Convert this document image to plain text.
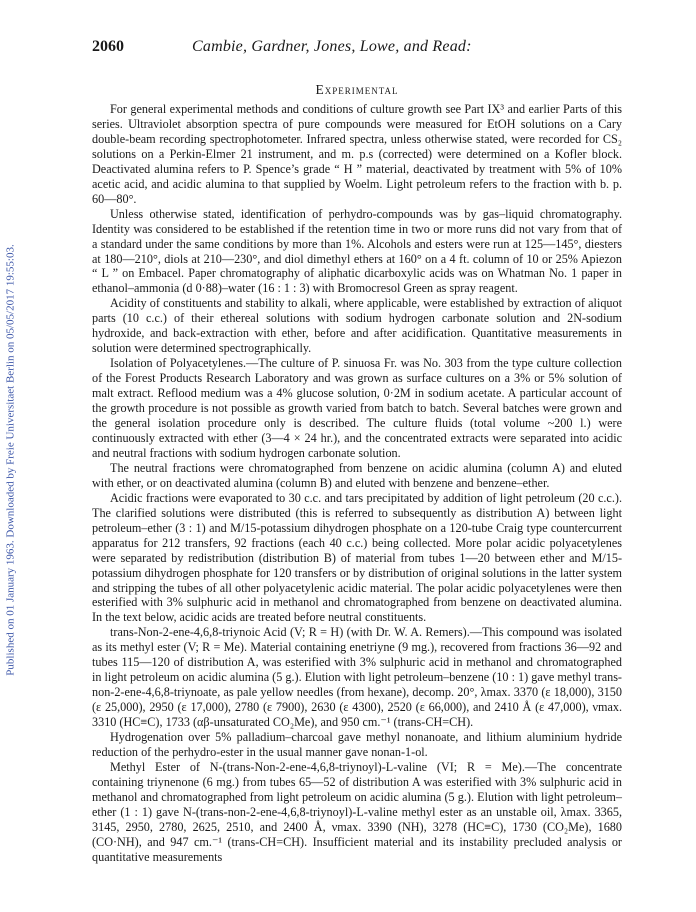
Published on 01 January 1963. Downloaded by Freie Universitaet Berlin on 05/05/2017 19:55:03.
2060	Cambie, Gardner, Jones, Lowe, and Read:
Experimental

For general experimental methods and conditions of culture growth see Part IX³ and earlier Parts of this series. Ultraviolet absorption spectra of pure compounds were measured for EtOH solutions on a Cary double-beam recording spectrophotometer. Infrared spectra, unless otherwise stated, were recorded for CS₂ solutions on a Perkin-Elmer 21 instrument, and m. p.s (corrected) were determined on a Kofler block. Deactivated alumina refers to P. Spence’s grade “ H ” material, deactivated by treatment with 5% of 10% acetic acid, and acidic alumina to that supplied by Woelm. Light petroleum refers to the fraction with b. p. 60—80°.

Unless otherwise stated, identification of perhydro-compounds was by gas–liquid chromatography. Identity was considered to be established if the retention time in two or more runs did not vary from that of a standard under the same conditions by more than 1%. Alcohols and esters were run at 125—145°, diesters at 180—210°, diols at 210—230°, and diol dimethyl ethers at 160° on a 4 ft. column of 10 or 25% Apiezon “ L ” on Embacel. Paper chromatography of aliphatic dicarboxylic acids was on Whatman No. 1 paper in ethanol–ammonia (d 0·88)–water (16 : 1 : 3) with Bromocresol Green as spray reagent.

Acidity of constituents and stability to alkali, where applicable, were established by extraction of aliquot parts (10 c.c.) of their ethereal solutions with sodium hydrogen carbonate solution and 2N-sodium hydroxide, and back-extraction with ether, before and after acidification. Quantitative measurements in solution were determined spectrographically.

Isolation of Polyacetylenes.—The culture of P. sinuosa Fr. was No. 303 from the type culture collection of the Forest Products Research Laboratory and was grown as surface cultures on a 3% or 5% solution of malt extract. Reflood medium was a 4% glucose solution, 0·2M in sodium acetate. A particular account of the growth procedure is not possible as growth varied from batch to batch. Several batches were grown and the general isolation procedure only is described. The culture fluids (total volume ~200 l.) were continuously extracted with ether (3—4 × 24 hr.), and the concentrated extracts were separated into acidic and neutral fractions with sodium hydrogen carbonate solution.

The neutral fractions were chromatographed from benzene on acidic alumina (column A) and eluted with ether, or on deactivated alumina (column B) and eluted with benzene and benzene–ether.

Acidic fractions were evaporated to 30 c.c. and tars precipitated by addition of light petroleum (20 c.c.). The clarified solutions were distributed (this is referred to subsequently as distribution A) between light petroleum–ether (3 : 1) and M/15-potassium dihydrogen phosphate on a 120-tube Craig type countercurrent apparatus for 212 transfers, 92 fractions (each 40 c.c.) being collected. More polar acidic polyacetylenes were separated by redistribution (distribution B) of material from tubes 1—20 between ether and M/15-potassium dihydrogen phosphate for 120 transfers or by distribution of original solutions in the latter system and stripping the tubes of all other polyacetylenic acidic material. The polar acidic polyacetylenes were then esterified with 3% sulphuric acid in methanol and chromatographed from benzene on deactivated alumina. In the text below, acidic acids are treated before neutral constituents.

trans-Non-2-ene-4,6,8-triynoic Acid (V; R = H) (with Dr. W. A. Remers).—This compound was isolated as its methyl ester (V; R = Me). Material containing enetriyne (9 mg.), recovered from fractions 36—92 and tubes 115—120 of distribution A, was esterified with 3% sulphuric acid in methanol and chromatographed in light petroleum on acidic alumina (5 g.). Elution with light petroleum–benzene (10 : 1) gave methyl trans-non-2-ene-4,6,8-triynoate, as pale yellow needles (from hexane), decomp. 20°, λmax. 3370 (ε 18,000), 3150 (ε 25,000), 2950 (ε 17,000), 2780 (ε 7900), 2630 (ε 4300), 2520 (ε 66,000), and 2410 Å (ε 47,000), νmax. 3310 (HC≡C), 1733 (αβ-unsaturated CO₂Me), and 950 cm.⁻¹ (trans-CH=CH).

Hydrogenation over 5% palladium–charcoal gave methyl nonanoate, and lithium aluminium hydride reduction of the perhydro-ester in the usual manner gave nonan-1-ol.

Methyl Ester of N-(trans-Non-2-ene-4,6,8-triynoyl)-L-valine (VI; R = Me).—The concentrate containing triynenone (6 mg.) from tubes 65—52 of distribution A was esterified with 3% sulphuric acid in methanol and chromatographed from light petroleum on acidic alumina (5 g.). Elution with light petroleum–ether (1 : 1) gave N-(trans-non-2-ene-4,6,8-triynoyl)-L-valine methyl ester as an unstable oil, λmax. 3365, 3145, 2950, 2780, 2625, 2510, and 2400 Å, νmax. 3390 (NH), 3278 (HC≡C), 1730 (CO₂Me), 1680 (CO·NH), and 947 cm.⁻¹ (trans-CH=CH). Insufficient material and its instability precluded analysis or quantitative measurements
